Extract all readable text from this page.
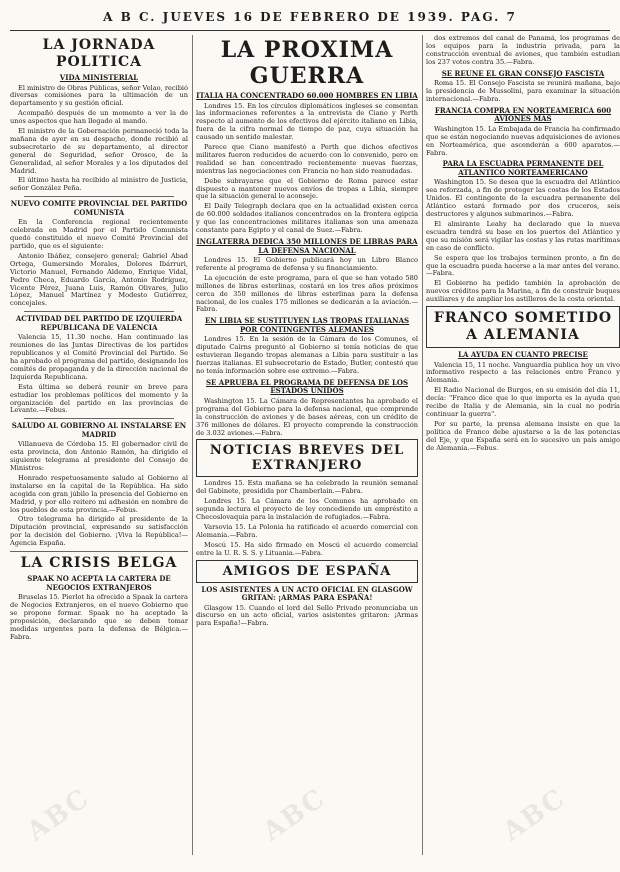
A B C. JUEVES 16 DE FEBRERO DE 1939. PAG. 7
LA JORNADA POLITICA
VIDA MINISTERIAL

El ministro de Obras Públicas, señor Velao, recibió diversas comisiones para la ultimación de un departamento y su gestión oficial.

Acompañó después de un momento a ver la de unos aspectos que han llegado al mando.

El ministro de la Gobernación permaneció toda la mañana de ayer en su despacho, donde recibió al subsecretario de su departamento, al director general de Seguridad, señor Orosco, de la Generalidad, al señor Morales y a los diputados del Madrid.

El último hasta ha recibido al ministro de Justicia, señor González Peña.

NUEVO COMITE PROVINCIAL DEL PARTIDO COMUNISTA

En la Conferencia regional recientemente celebrada en Madrid por el Partido Comunista quedó constituido el nuevo Comité Provincial del partido, que es el siguiente:

Antonio Ibáñez, consejero general; Gabriel Abad Ortega, Gumersindo Morales, Dolores Ibárruri, Victorio Manuel, Fernando Aldemo, Enrique Vidal, Pedro Checa, Eduardo García, Antonio Rodríguez, Vicente Pérez, Juana Luis, Ramón Olivares, Julio López, Manuel Martínez y Modesto Gutiérrez, concejales.

ACTIVIDAD DEL PARTIDO DE IZQUIERDA REPUBLICANA DE VALENCIA

Valencia 15, 11.30 noche. Han continuado las reuniones de las Juntas Directivas de los partidos republicanos y el Comité Provincial del Partido. Se ha aprobado el programa del partido, designando los comités de propaganda y de la dirección nacional de Izquierda Republicana.

Esta última se deberá reunir en breve para estudiar los problemas políticos del momento y la organización del partido en las provincias de Levante.—Febus.

SALUDO AL GOBIERNO AL INSTALARSE EN MADRID

Villanueva de Córdoba 15. El gobernador civil de esta provincia, don Antonio Ramón, ha dirigido el siguiente telegrama al presidente del Consejo de Ministros:

Honrado respetuosamente saludo al Gobierno al instalarse en la capital de la República. Ha sido acogida con gran júbilo la presencia del Gobierno en Madrid, y por ello reitero mi adhesión en nombre de los pueblos de esta provincia.—Febus.

Otro telegrama ha dirigido al presidente de la Diputación provincial, expresando su satisfacción por la decisión del Gobierno. ¡Viva la República!—Agencia España.

LA CRISIS BELGA
SPAAK NO ACEPTA LA CARTERA DE NEGOCIOS EXTRANJEROS

Bruselas 15. Pierlot ha ofrecido a Spaak la cartera de Negocios Extranjeros, en el nuevo Gobierno que se propone formar. Spaak no ha aceptado la proposición, declarando que se deben tomar medidas urgentes para la defensa de Bélgica.—Fabra.

LA PROXIMA GUERRA
ITALIA HA CONCENTRADO 60.000 HOMBRES EN LIBIA

Londres 15. En los círculos diplomáticos ingleses se comentan las informaciones referentes a la entrevista de Ciano y Perth respecto al aumento de los efectivos del ejército italiano en Libia, fuera de la cifra normal de tiempo de paz, cuya situación ha causado un sentido malestar.

Parece que Ciano manifestó a Perth que dichos efectivos militares fueron reducidos de acuerdo con lo convenido, pero en realidad se han concentrado recientemente nuevas fuerzas, mientras las negociaciones con Francia no han sido reanudadas.

Debe subrayarse que el Gobierno de Roma parece estar dispuesto a mantener nuevos envíos de tropas a Libia, siempre que la situación general lo aconseje.

El Daily Telegraph declara que en la actualidad existen cerca de 60.000 soldados italianos concentrados en la frontera egipcia y que las concentraciones militares italianas son una amenaza constante para Egipto y el canal de Suez.—Fabra.

INGLATERRA DEDICA 350 MILLONES DE LIBRAS PARA LA DEFENSA NACIONAL

Londres 15. El Gobierno publicará hoy un Libro Blanco referente al programa de defensa y su financiamiento.

La ejecución de este programa, para el que se han votado 580 millones de libras esterlinas, costará en los tres años próximos cerca de 350 millones de libras esterlinas para la defensa nacional, de los cuales 175 millones se dedicarán a la aviación.—Fabra.

EN LIBIA SE SUSTITUYEN LAS TROPAS ITALIANAS POR CONTINGENTES ALEMANES

Londres 15. En la sesión de la Cámara de los Comunes, el diputado Cairns preguntó al Gobierno si tenía noticias de que estuvieran llegando tropas alemanas a Libia para sustituir a las fuerzas italianas. El subsecretario de Estado, Butler, contestó que no tenía información sobre ese extremo.—Fabra.

SE APRUEBA EL PROGRAMA DE DEFENSA DE LOS ESTADOS UNIDOS

Washington 15. La Cámara de Representantes ha aprobado el programa del Gobierno para la defensa nacional, que comprende la construcción de aviones y de bases aéreas, con un crédito de 376 millones de dólares. El proyecto comprende la construcción de 3.032 aviones.—Fabra.

NOTICIAS BREVES DEL EXTRANJERO

Londres 15. Esta mañana se ha celebrado la reunión semanal del Gabinete, presidida por Chamberlain.—Fabra.

Londres 15. La Cámara de los Comunes ha aprobado en segunda lectura el proyecto de ley concediendo un empréstito a Checoslovaquia para la instalación de refugiados.—Fabra.

Varsovia 15. La Polonia ha ratificado el acuerdo comercial con Alemania.—Fabra.

Moscú 15. Ha sido firmado en Moscú el acuerdo comercial entre la U. R. S. S. y Lituania.—Fabra.

AMIGOS DE ESPAÑA
LOS ASISTENTES A UN ACTO OFICIAL EN GLASGOW GRITAN: ¡ARMAS PARA ESPAÑA!

Glasgow 15. Cuando el lord del Sello Privado pronunciaba un discurso en un acto oficial, varios asistentes gritaron: ¡Armas para España!—Fabra.

dos extremos del canal de Panamá, los programas de los equipos para la industria privada, para la construcción eventual de aviones, que también estudian los 237 votos contra 35.—Fabra.

SE REUNE EL GRAN CONSEJO FASCISTA

Roma 15. El Consejo Fascista se reunirá mañana, bajo la presidencia de Mussolini, para examinar la situación internacional.—Fabra.

FRANCIA COMPRA EN NORTEAMERICA 600 AVIONES MAS

Washington 15. La Embajada de Francia ha confirmado que se están negociando nuevas adquisiciones de aviones en Norteamérica, que ascenderán a 600 aparatos.—Fabra.

PARA LA ESCUADRA PERMANENTE DEL ATLANTICO NORTEAMERICANO

Washington 15. Se desea que la escuadra del Atlántico sea reforzada, a fin de proteger las costas de los Estados Unidos. El contingente de la escuadra permanente del Atlántico estará formado por dos cruceros, seis destructores y algunos submarinos.—Fabra.

El almirante Leahy ha declarado que la nueva escuadra tendrá su base en los puertos del Atlántico y que su misión será vigilar las costas y las rutas marítimas en caso de conflicto.

Se espera que los trabajos terminen pronto, a fin de que la escuadra pueda hacerse a la mar antes del verano.—Fabra.

El Gobierno ha pedido también la aprobación de nuevos créditos para la Marina, a fin de construir buques auxiliares y de ampliar los astilleros de la costa oriental.

FRANCO SOMETIDO A ALEMANIA
LA AYUDA EN CUANTO PRECISE

Valencia 15, 11 noche. Vanguardia publica hoy un vivo informativo respecto a las relaciones entre Franco y Alemania.

El Radio Nacional de Burgos, en su emisión del día 11, decía: "Franco dice que lo que importa es la ayuda que recibe de Italia y de Alemania, sin la cual no podría continuar la guerra".

Por su parte, la prensa alemana insiste en que la política de Franco debe ajustarse a la de las potencias del Eje, y que España será en lo sucesivo un país amigo de Alemania.—Febus.

ABC	ABC	ABC
